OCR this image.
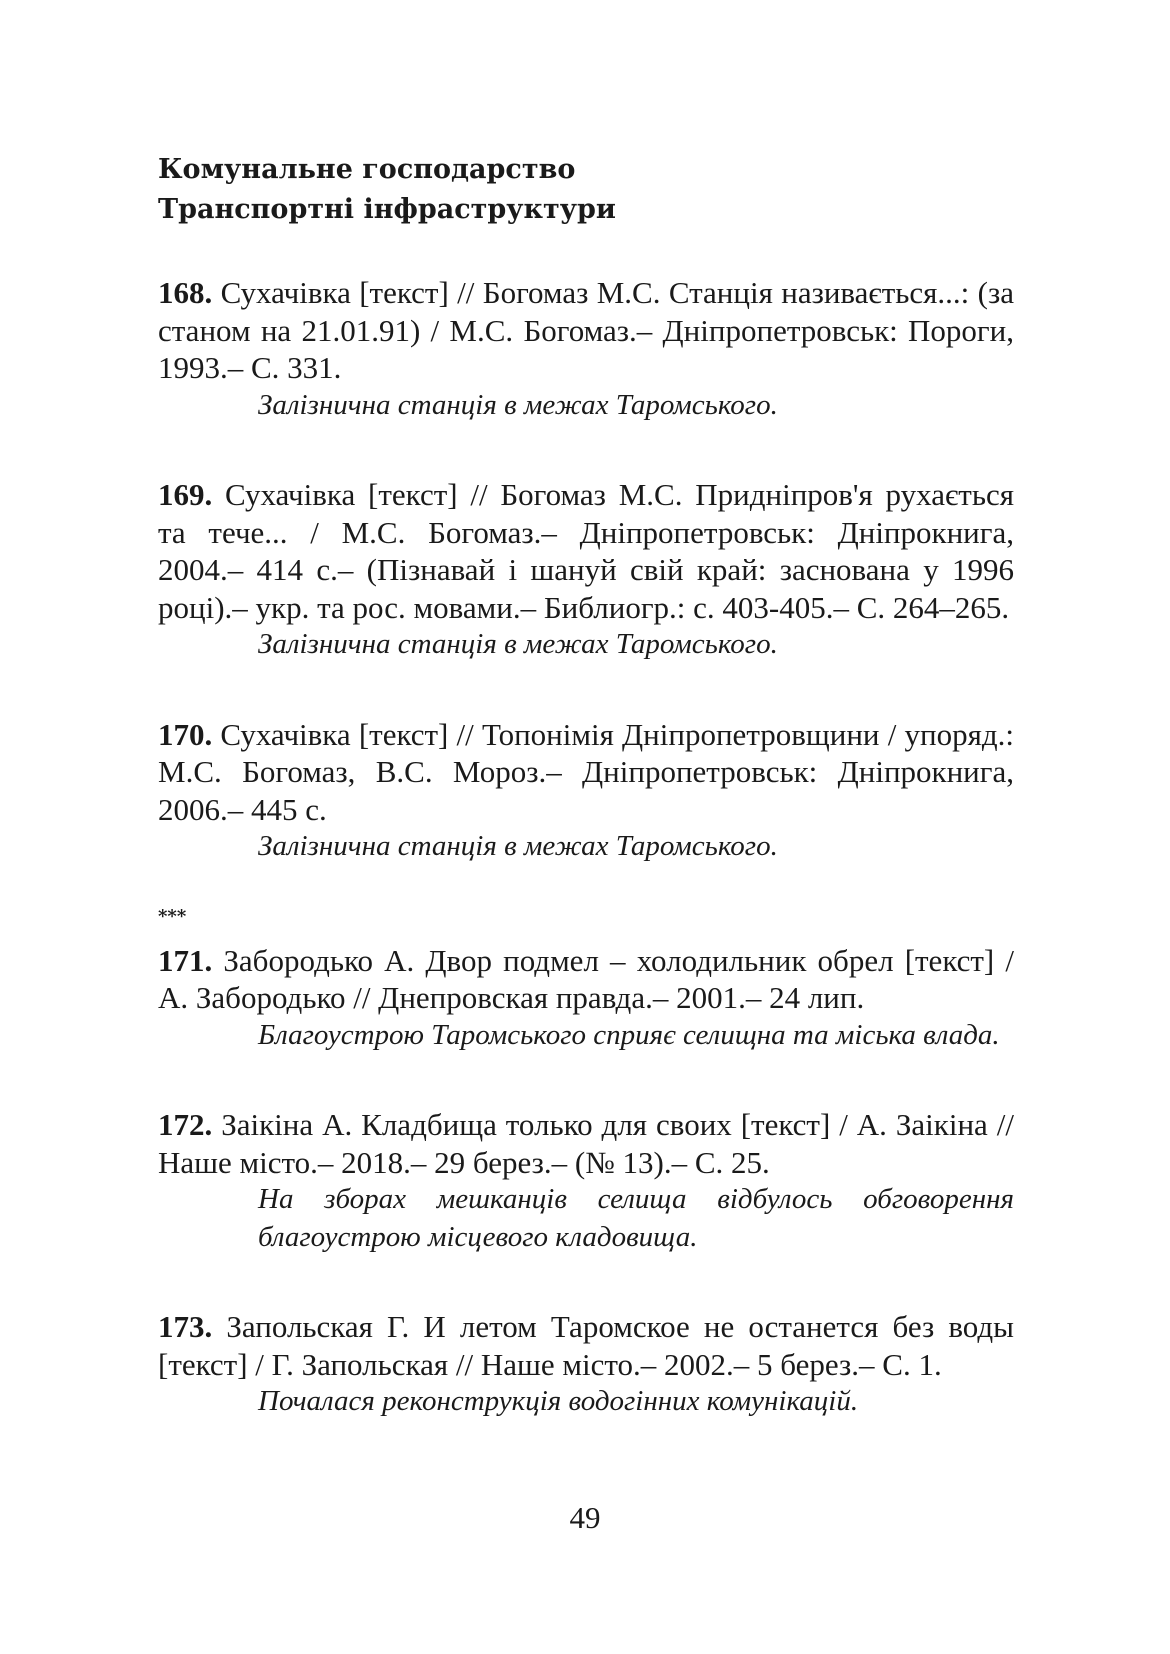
Комунальне господарство
Транспортні інфраструктури

168. Сухачівка [текст] // Богомаз М.С. Станція називається...: (за станом на 21.01.91) / М.С. Богомаз.– Дніпропетровськ: Пороги, 1993.– С. 331.

Залізнична станція в межах Таромського.

169. Сухачівка [текст] // Богомаз М.С. Придніпров'я рухається та тече... / М.С. Богомаз.– Дніпропетровськ: Дніпрокнига, 2004.– 414 с.– (Пізнавай і шануй свій край: заснована у 1996 році).– укр. та рос. мовами.– Библиогр.: с. 403-405.– С. 264–265.

Залізнична станція в межах Таромського.

170. Сухачівка [текст] // Топонімія Дніпропетровщини / упоряд.: М.С. Богомаз, В.С. Мороз.– Дніпропетровськ: Дніпрокнига, 2006.– 445 с.

Залізнична станція в межах Таромського.

***

171. Забородько А. Двор подмел – холодильник обрел [текст] / А. Забородько // Днепровская правда.– 2001.– 24 лип.

Благоустрою Таромського сприяє селищна та міська влада.

172. Заікіна А. Кладбища только для своих [текст] / А. Заікіна // Наше місто.– 2018.– 29 берез.– (№ 13).– С. 25.

На зборах мешканців селища відбулось обговорення благоустрою місцевого кладовища.

173. Запольская Г. И летом Таромское не останется без воды [текст] / Г. Запольская // Наше місто.– 2002.– 5 берез.– С. 1.

Почалася реконструкція водогінних комунікацій.

49
